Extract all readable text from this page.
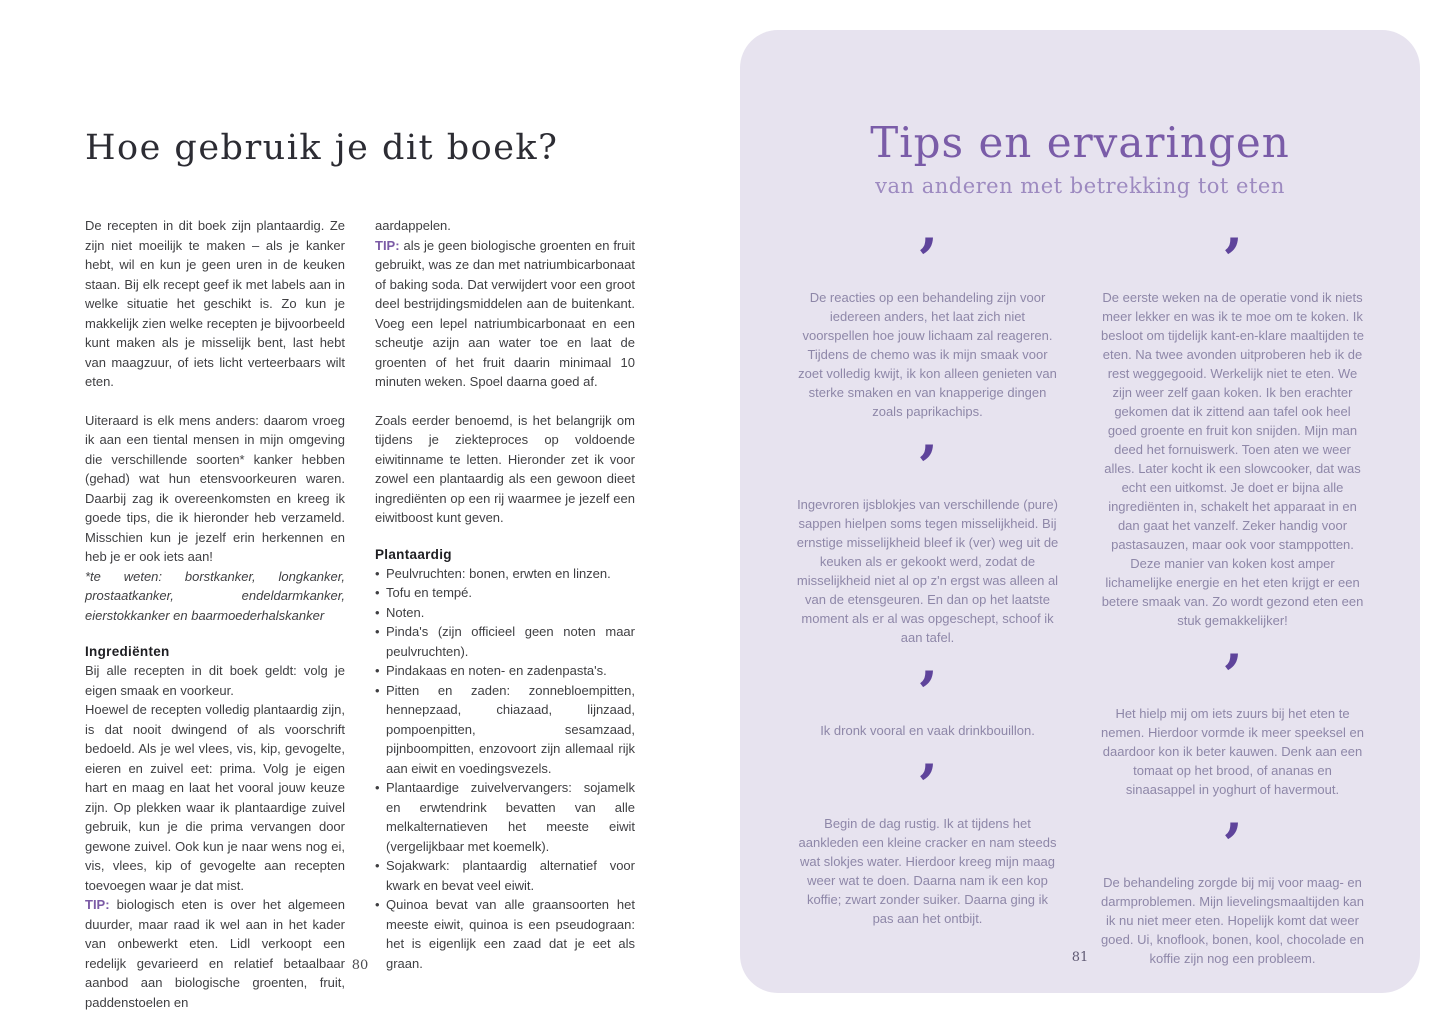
Hoe gebruik je dit boek?

De recepten in dit boek zijn plantaardig. Ze zijn niet moeilijk te maken – als je kanker hebt, wil en kun je geen uren in de keuken staan. Bij elk recept geef ik met labels aan in welke situatie het geschikt is. Zo kun je makkelijk zien welke recepten je bijvoorbeeld kunt maken als je misselijk bent, last hebt van maagzuur, of iets licht verteerbaars wilt eten.

Uiteraard is elk mens anders: daarom vroeg ik aan een tiental mensen in mijn omgeving die verschillende soorten* kanker hebben (gehad) wat hun etensvoorkeuren waren. Daarbij zag ik overeenkomsten en kreeg ik goede tips, die ik hieronder heb verzameld. Misschien kun je jezelf erin herkennen en heb je er ook iets aan!

*te weten: borstkanker, longkanker, prostaatkanker, endeldarmkanker, eierstokkanker en baarmoederhalskanker

Ingrediënten

Bij alle recepten in dit boek geldt: volg je eigen smaak en voorkeur.

Hoewel de recepten volledig plantaardig zijn, is dat nooit dwingend of als voorschrift bedoeld. Als je wel vlees, vis, kip, gevogelte, eieren en zuivel eet: prima. Volg je eigen hart en maag en laat het vooral jouw keuze zijn. Op plekken waar ik plantaardige zuivel gebruik, kun je die prima vervangen door gewone zuivel. Ook kun je naar wens nog ei, vis, vlees, kip of gevogelte aan recepten toevoegen waar je dat mist.

TIP: biologisch eten is over het algemeen duurder, maar raad ik wel aan in het kader van onbewerkt eten. Lidl verkoopt een redelijk gevarieerd en relatief betaalbaar aanbod aan biologische groenten, fruit, paddenstoelen en

aardappelen.

TIP: als je geen biologische groenten en fruit gebruikt, was ze dan met natriumbicarbonaat of baking soda. Dat verwijdert voor een groot deel bestrijdingsmiddelen aan de buitenkant. Voeg een lepel natriumbicarbonaat en een scheutje azijn aan water toe en laat de groenten of het fruit daarin minimaal 10 minuten weken. Spoel daarna goed af.

Zoals eerder benoemd, is het belangrijk om tijdens je ziekteproces op voldoende eiwitinname te letten. Hieronder zet ik voor zowel een plantaardig als een gewoon dieet ingrediënten op een rij waarmee je jezelf een eiwitboost kunt geven.

Plantaardig
• Peulvruchten: bonen, erwten en linzen.
• Tofu en tempé.
• Noten.
• Pinda's (zijn officieel geen noten maar peulvruchten).
• Pindakaas en noten- en zadenpasta's.
• Pitten en zaden: zonnebloempitten, hennepzaad, chiazaad, lijnzaad, pompoenpitten, sesamzaad, pijnboompitten, enzovoort zijn allemaal rijk aan eiwit en voedingsvezels.
• Plantaardige zuivelvervangers: sojamelk en erwtendrink bevatten van alle melkalternatieven het meeste eiwit (vergelijkbaar met koemelk).
• Sojakwark: plantaardig alternatief voor kwark en bevat veel eiwit.
• Quinoa bevat van alle graansoorten het meeste eiwit, quinoa is een pseudograan: het is eigenlijk een zaad dat je eet als graan.
80
Tips en ervaringen
van anderen met betrekking tot eten
’
De reacties op een behandeling zijn voor iedereen anders, het laat zich niet voorspellen hoe jouw lichaam zal reageren. Tijdens de chemo was ik mijn smaak voor zoet volledig kwijt, ik kon alleen genieten van sterke smaken en van knapperige dingen zoals paprikachips.
’
Ingevroren ijsblokjes van verschillende (pure) sappen hielpen soms tegen misselijkheid. Bij ernstige misselijkheid bleef ik (ver) weg uit de keuken als er gekookt werd, zodat de misselijkheid niet al op z'n ergst was alleen al van de etensgeuren. En dan op het laatste moment als er al was opgeschept, schoof ik aan tafel.
’
Ik dronk vooral en vaak drinkbouillon.
’
Begin de dag rustig. Ik at tijdens het aankleden een kleine cracker en nam steeds wat slokjes water. Hierdoor kreeg mijn maag weer wat te doen. Daarna nam ik een kop koffie; zwart zonder suiker. Daarna ging ik pas aan het ontbijt.
’
De eerste weken na de operatie vond ik niets meer lekker en was ik te moe om te koken. Ik besloot om tijdelijk kant-en-klare maaltijden te eten. Na twee avonden uitproberen heb ik de rest weggegooid. Werkelijk niet te eten. We zijn weer zelf gaan koken. Ik ben erachter gekomen dat ik zittend aan tafel ook heel goed groente en fruit kon snijden. Mijn man deed het fornuiswerk. Toen aten we weer alles. Later kocht ik een slowcooker, dat was echt een uitkomst. Je doet er bijna alle ingrediënten in, schakelt het apparaat in en dan gaat het vanzelf. Zeker handig voor pastasauzen, maar ook voor stamppotten. Deze manier van koken kost amper lichamelijke energie en het eten krijgt er een betere smaak van. Zo wordt gezond eten een stuk gemakkelijker!
’
Het hielp mij om iets zuurs bij het eten te nemen. Hierdoor vormde ik meer speeksel en daardoor kon ik beter kauwen. Denk aan een tomaat op het brood, of ananas en sinaasappel in yoghurt of havermout.
’
De behandeling zorgde bij mij voor maag- en darmproblemen. Mijn lievelingsmaaltijden kan ik nu niet meer eten. Hopelijk komt dat weer goed. Ui, knoflook, bonen, kool, chocolade en koffie zijn nog een probleem.
81
